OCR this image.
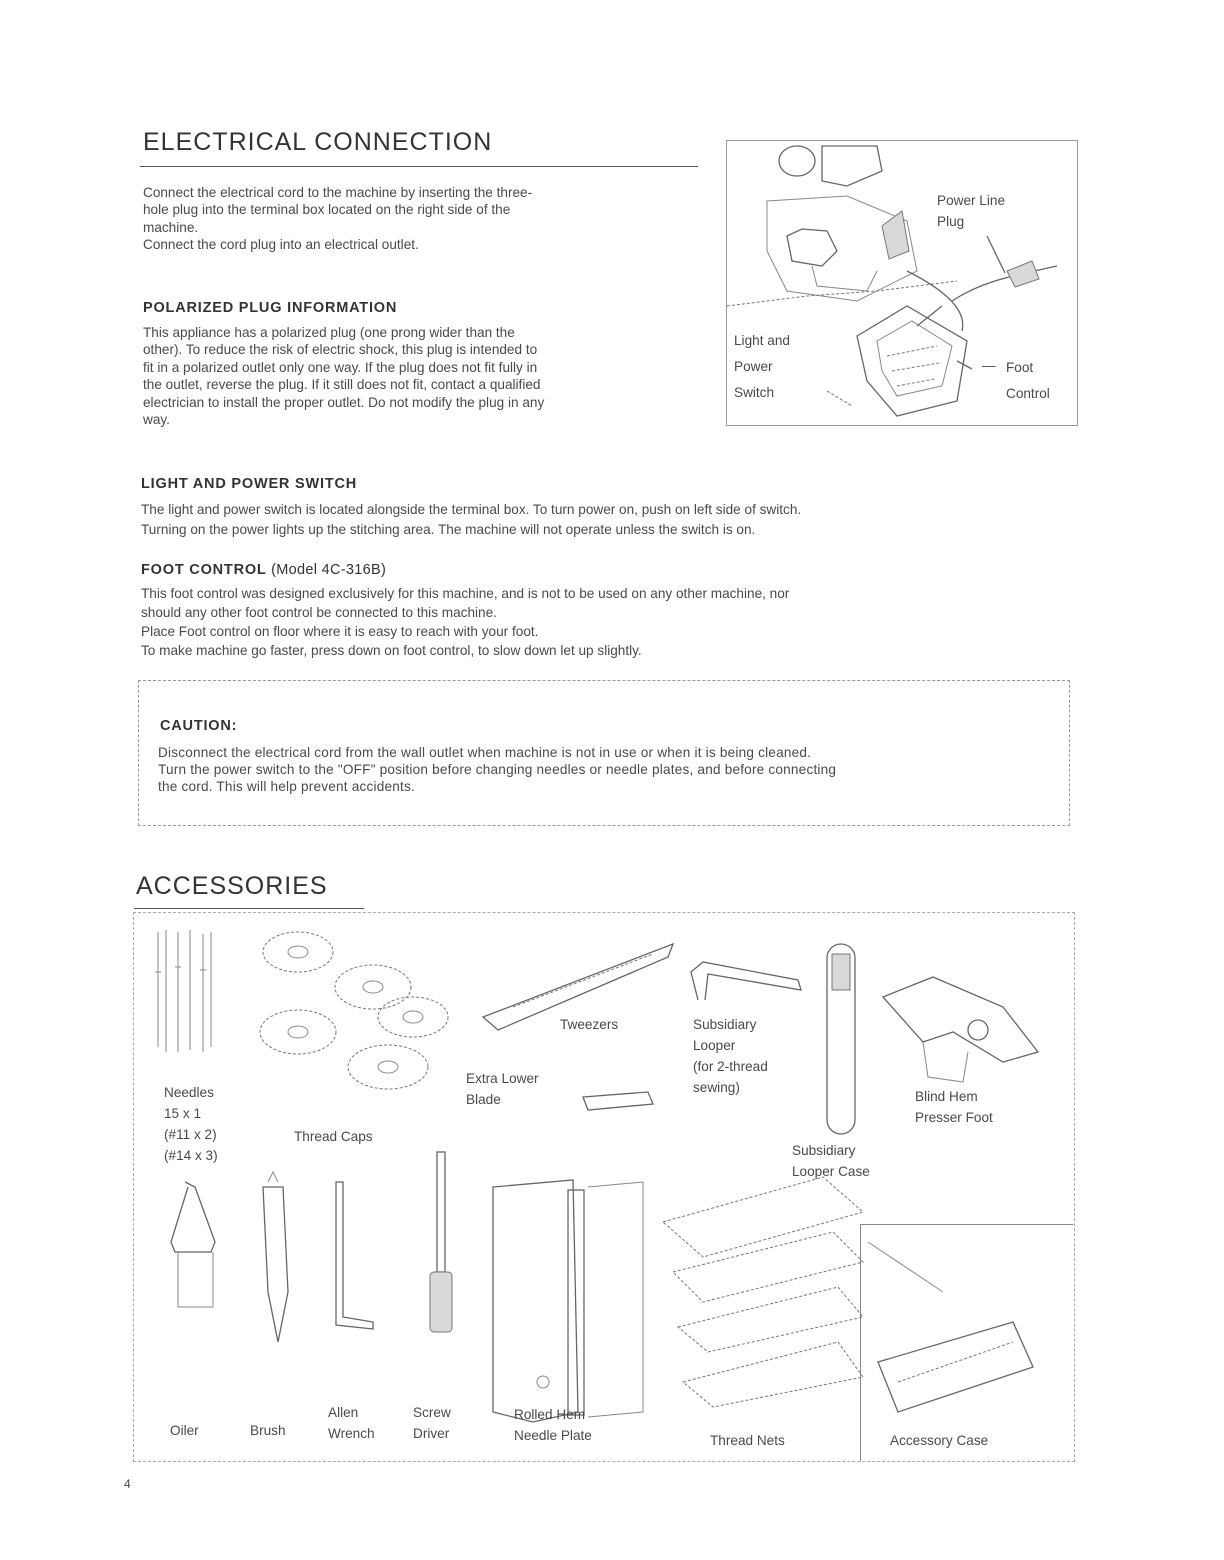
ELECTRICAL CONNECTION
Connect the electrical cord to the machine by inserting the three-
hole plug into the terminal box located on the right side of the
machine.
Connect the cord plug into an electrical outlet.
POLARIZED PLUG INFORMATION
This appliance has a polarized plug (one prong wider than the
other). To reduce the risk of electric shock, this plug is intended to
fit in a polarized outlet only one way. If the plug does not fit fully in
the outlet, reverse the plug. If it still does not fit, contact a qualified
electrician to install the proper outlet. Do not modify the plug in any
way.
Power Line
Plug
Light and
Power
Switch
— Foot
Control
LIGHT AND POWER SWITCH
The light and power switch is located alongside the terminal box. To turn power on, push on left side of switch.
Turning on the power lights up the stitching area. The machine will not operate unless the switch is on.
FOOT CONTROL (Model 4C-316B)
This foot control was designed exclusively for this machine, and is not to be used on any other machine, nor
should any other foot control be connected to this machine.
Place Foot control on floor where it is easy to reach with your foot.
To make machine go faster, press down on foot control, to slow down let up slightly.
CAUTION:
Disconnect the electrical cord from the wall outlet when machine is not in use or when it is being cleaned.
Turn the power switch to the "OFF" position before changing needles or needle plates, and before connecting
the cord. This will help prevent accidents.
ACCESSORIES
Needles
15 x 1
(#11 x 2)
(#14 x 3)
Thread Caps
Tweezers
Extra Lower
Blade
Subsidiary
Looper
(for 2-thread
sewing)
Subsidiary
Looper Case
Blind Hem
Presser Foot
Oiler	Brush
Allen
Wrench
Screw
Driver
Rolled Hem
Needle Plate	Thread Nets	Accessory Case
4
